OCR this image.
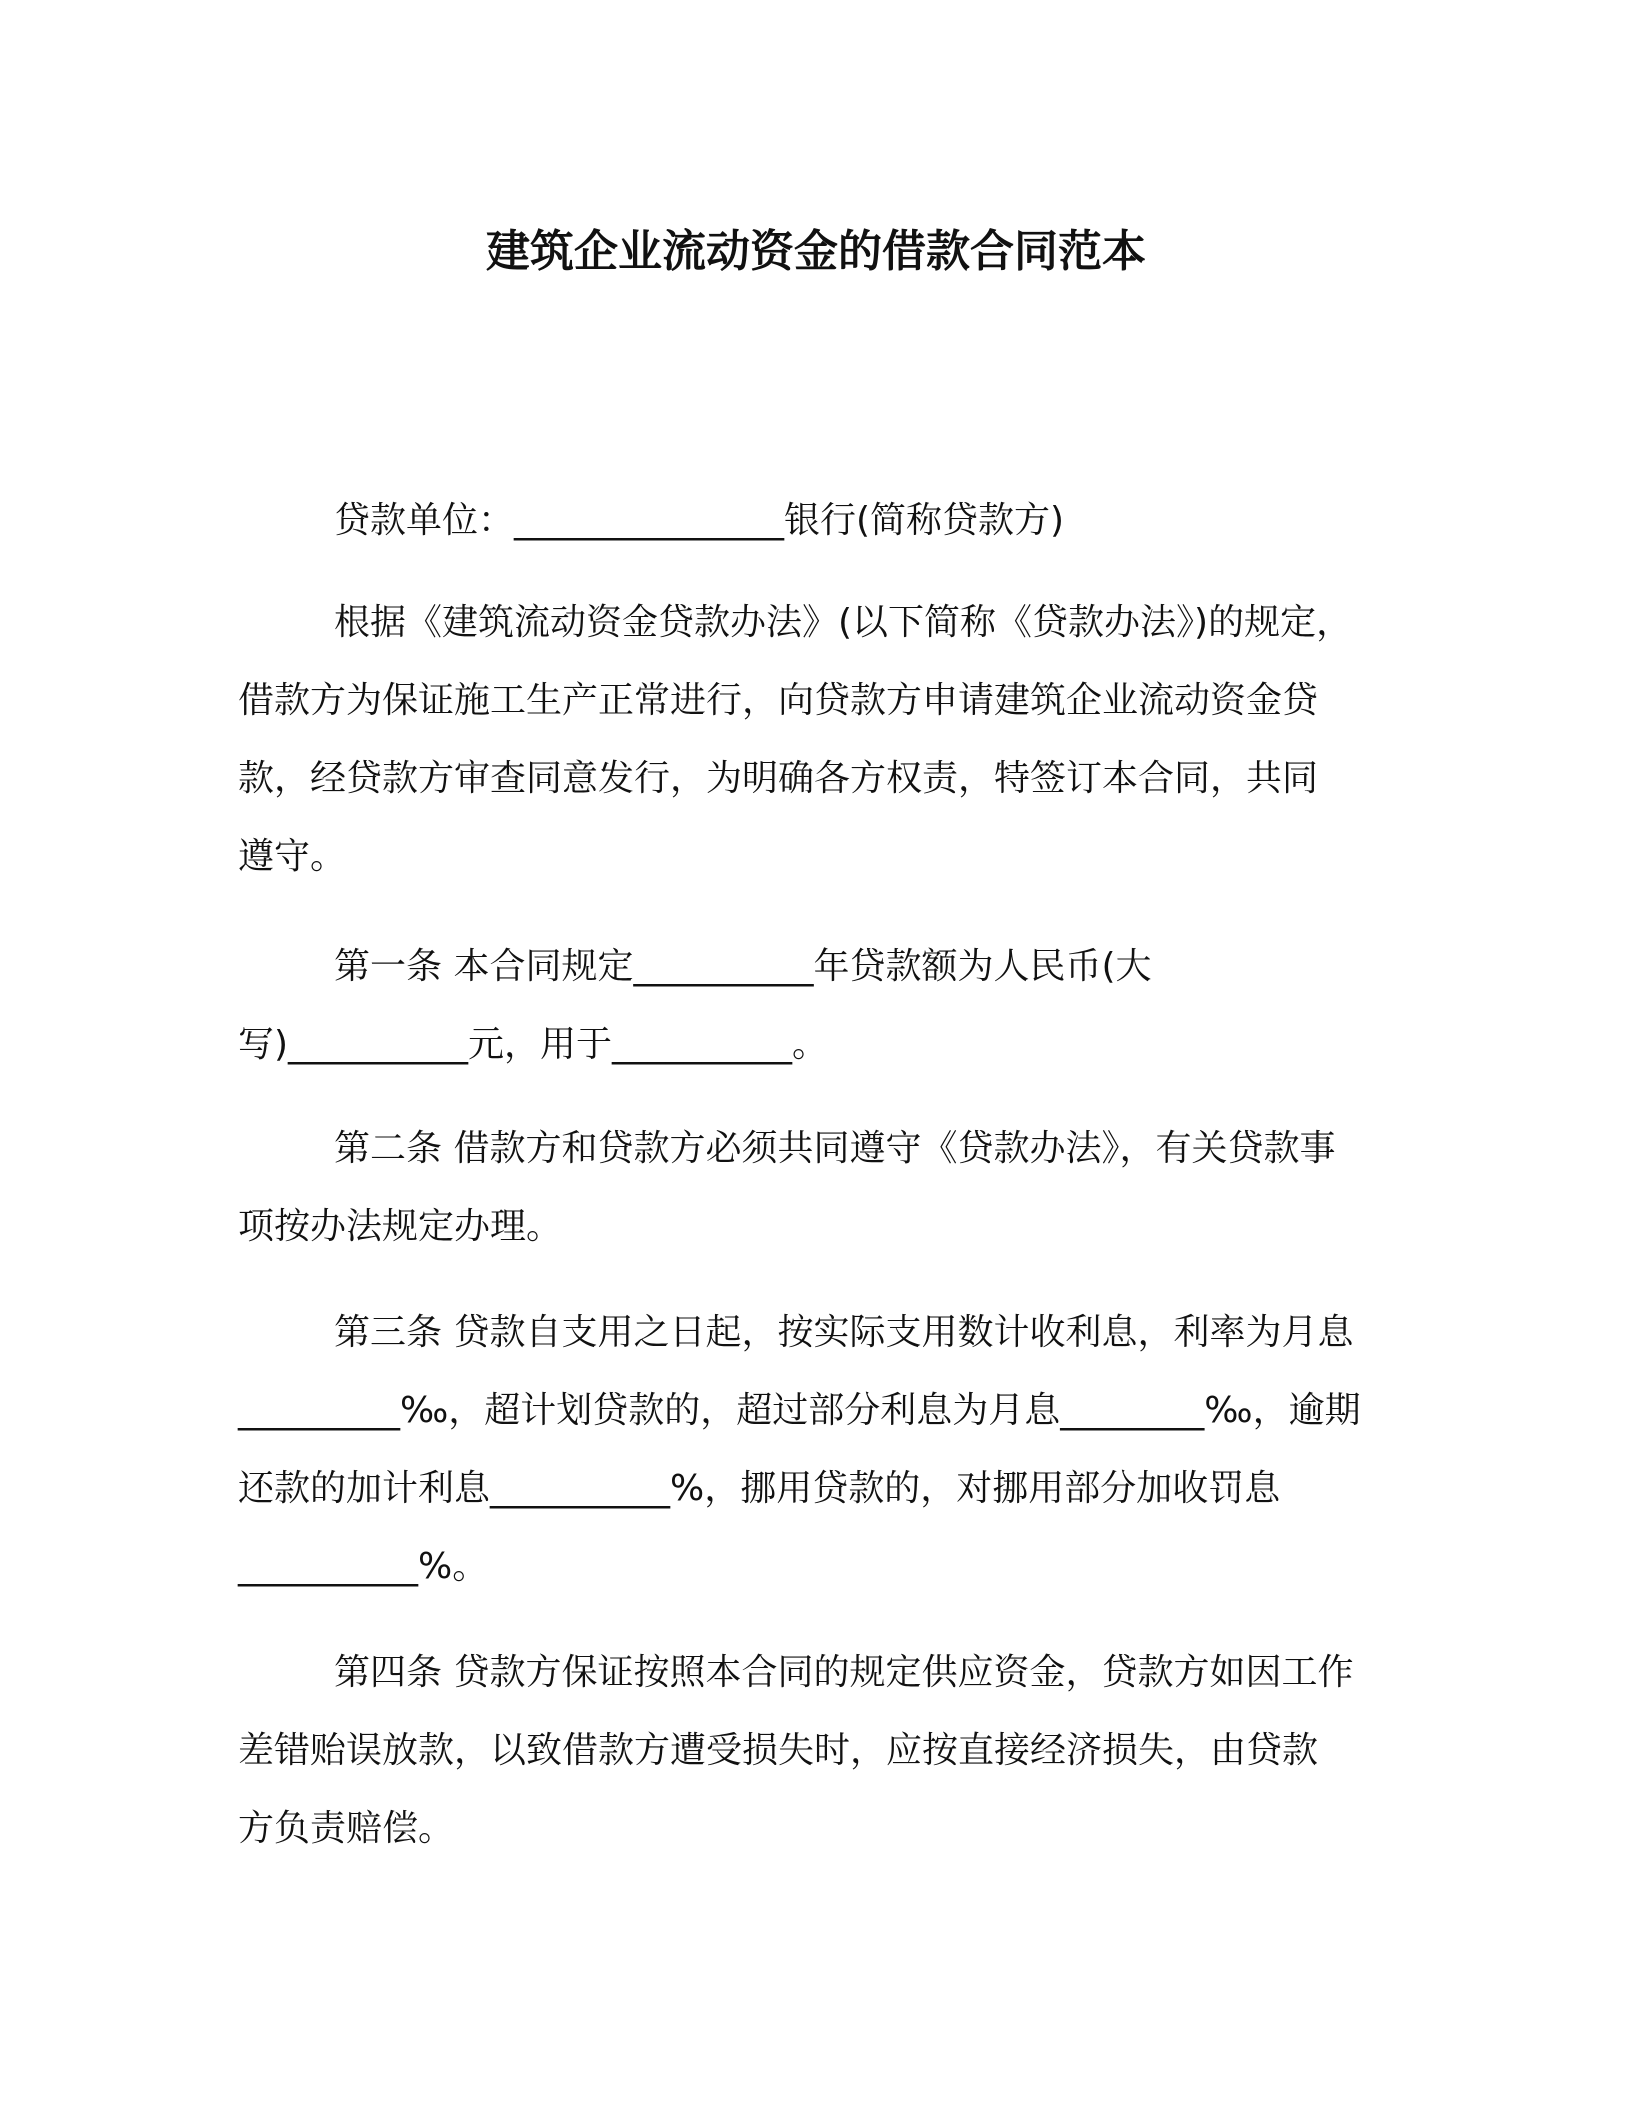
建筑企业流动资金的借款合同范本
贷款单位：_______________银行(简称贷款方)
根据《建筑流动资金贷款办法》(以下简称《贷款办法》)的规定，
借款方为保证施工生产正常进行，向贷款方申请建筑企业流动资金贷
款，经贷款方审查同意发行，为明确各方权责，特签订本合同，共同
遵守。
第一条 本合同规定__________年贷款额为人民币(大
写)__________元，用于__________。
第二条 借款方和贷款方必须共同遵守《贷款办法》，有关贷款事
项按办法规定办理。
第三条 贷款自支用之日起，按实际支用数计收利息，利率为月息
_________‰，超计划贷款的，超过部分利息为月息________‰，逾期
还款的加计利息__________%，挪用贷款的，对挪用部分加收罚息
__________%。
第四条 贷款方保证按照本合同的规定供应资金，贷款方如因工作
差错贻误放款，以致借款方遭受损失时，应按直接经济损失，由贷款
方负责赔偿。
